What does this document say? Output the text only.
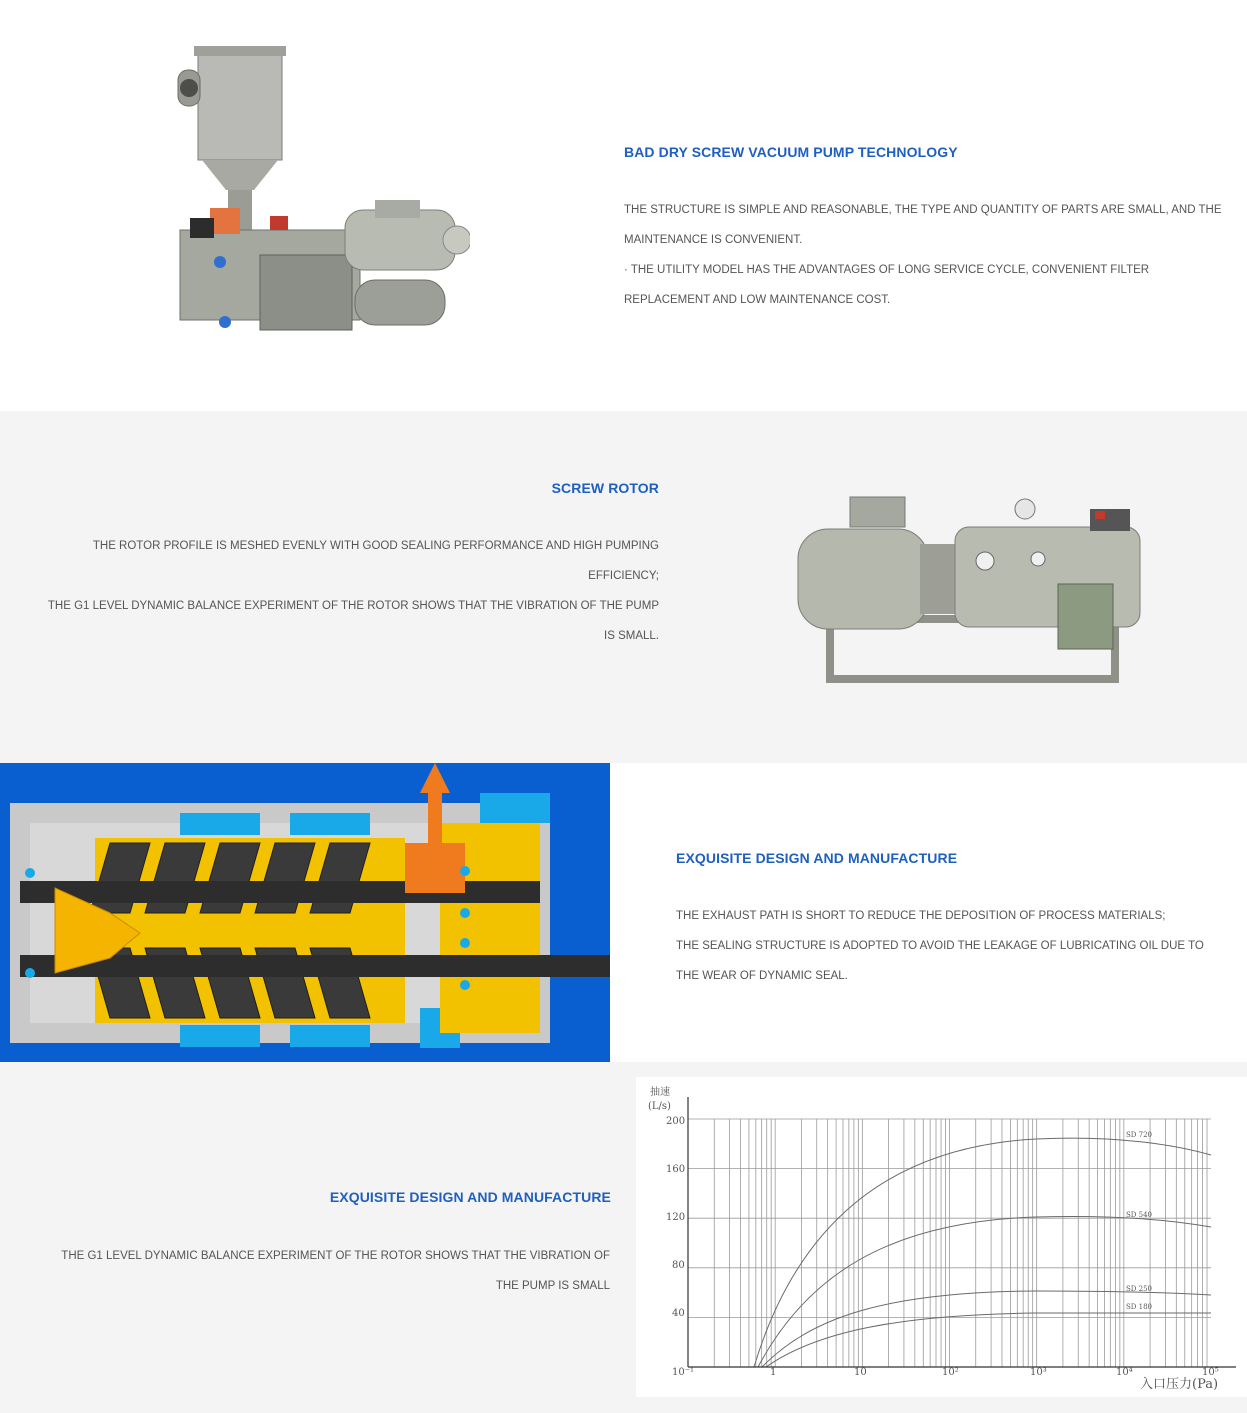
BAD DRY SCREW VACUUM PUMP TECHNOLOGY

THE STRUCTURE IS SIMPLE AND REASONABLE, THE TYPE AND QUANTITY OF PARTS ARE SMALL, AND THE MAINTENANCE IS CONVENIENT.

· THE UTILITY MODEL HAS THE ADVANTAGES OF LONG SERVICE CYCLE, CONVENIENT FILTER REPLACEMENT AND LOW MAINTENANCE COST.

SCREW ROTOR

THE ROTOR PROFILE IS MESHED EVENLY WITH GOOD SEALING PERFORMANCE AND HIGH PUMPING EFFICIENCY;

THE G1 LEVEL DYNAMIC BALANCE EXPERIMENT OF THE ROTOR SHOWS THAT THE VIBRATION OF THE PUMP IS SMALL.

EXQUISITE DESIGN AND MANUFACTURE

THE EXHAUST PATH IS SHORT TO REDUCE THE DEPOSITION OF PROCESS MATERIALS;

THE SEALING STRUCTURE IS ADOPTED TO AVOID THE LEAKAGE OF LUBRICATING OIL DUE TO THE WEAR OF DYNAMIC SEAL.

EXQUISITE DESIGN AND MANUFACTURE

THE G1 LEVEL DYNAMIC BALANCE EXPERIMENT OF THE ROTOR SHOWS THAT THE VIBRATION OF THE PUMP IS SMALL

抽速
(L/s)
200
160
120
80
40
10⁻¹	1	10	10²	10³	10⁴	10⁵
入口压力(Pa)
SD 720
SD 540
SD 250
SD 180
